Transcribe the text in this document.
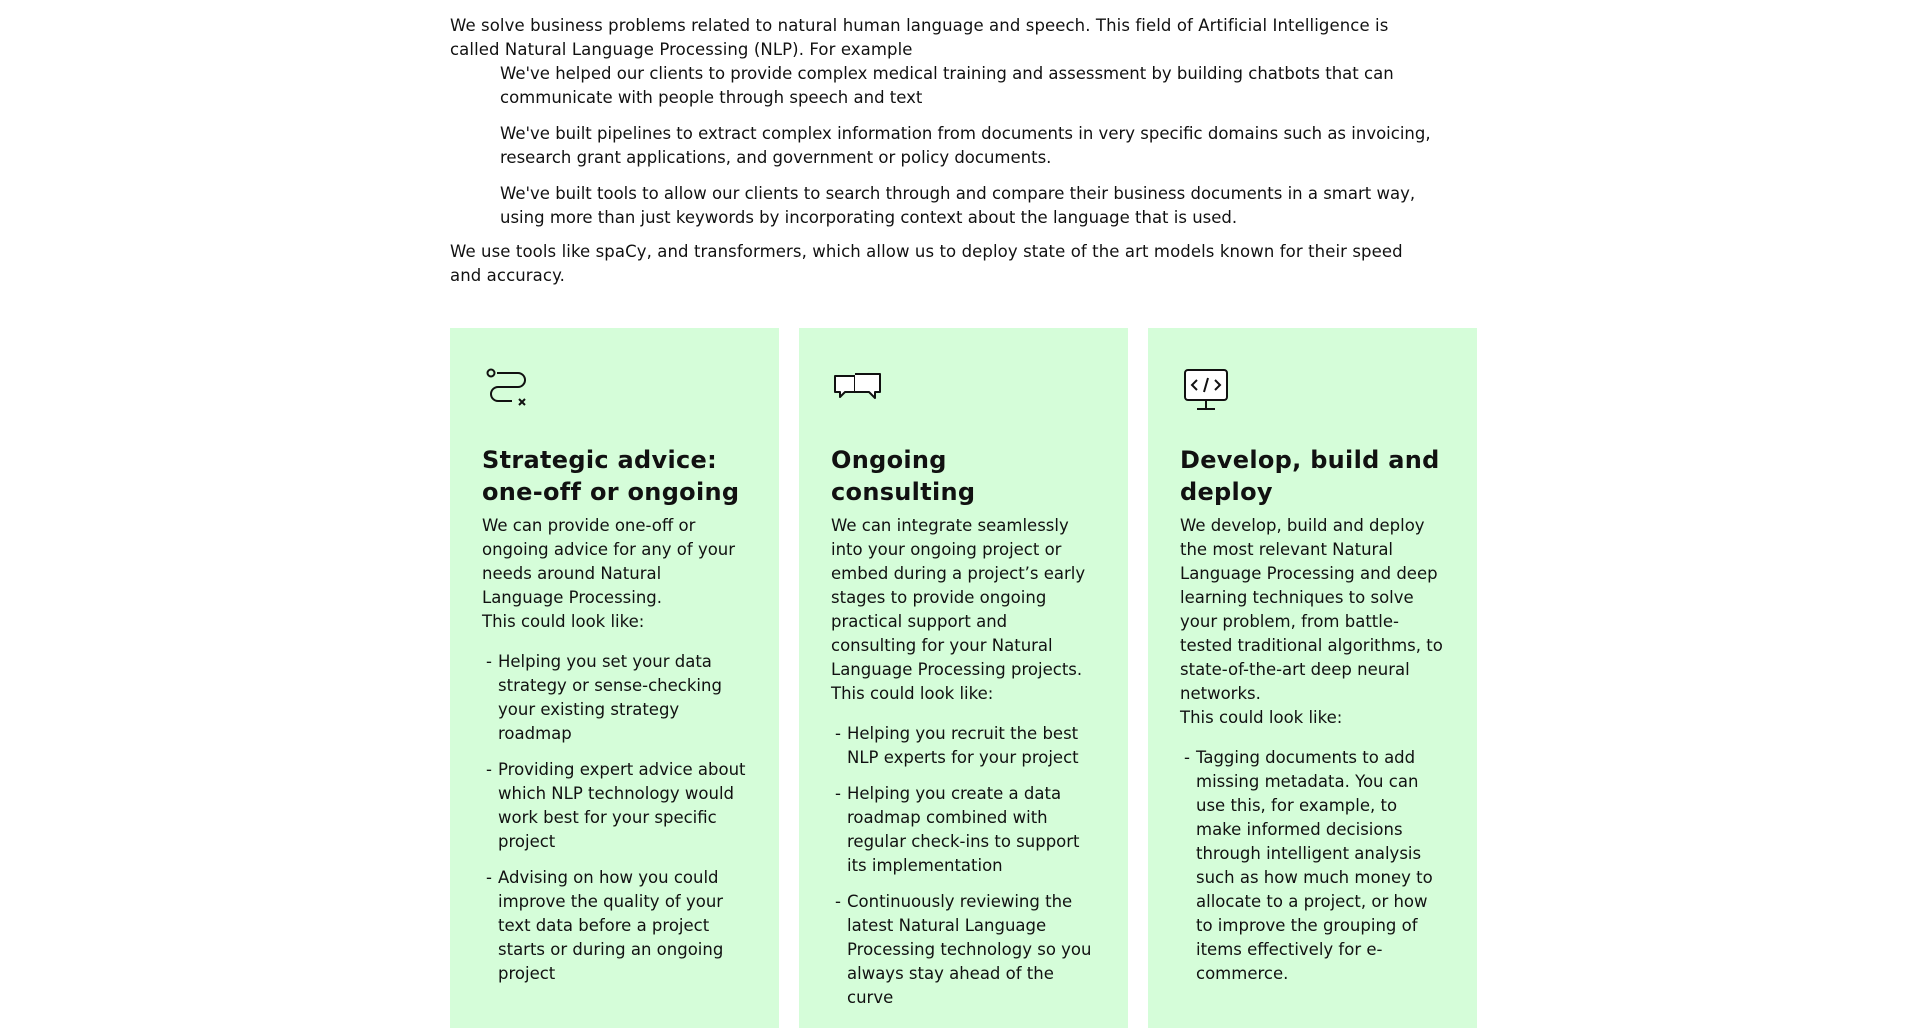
We solve business problems related to natural human language and speech. This field of Artificial Intelligence is called Natural Language Processing (NLP). For example

We've helped our clients to provide complex medical training and assessment by building chatbots that can communicate with people through speech and text
We've built pipelines to extract complex information from documents in very specific domains such as invoicing, research grant applications, and government or policy documents.
We've built tools to allow our clients to search through and compare their business documents in a smart way, using more than just keywords by incorporating context about the language that is used.

We use tools like spaCy, and transformers, which allow us to deploy state of the art models known for their speed and accuracy.

Strategic advice: one-off or ongoing

We can provide one-off or ongoing advice for any of your needs around Natural Language Processing.

This could look like:

- Helping you set your data strategy or sense-checking your existing strategy roadmap
- Providing expert advice about which NLP technology would work best for your specific project
- Advising on how you could improve the quality of your text data before a project starts or during an ongoing project
Ongoing consulting

We can integrate seamlessly into your ongoing project or embed during a project’s early stages to provide ongoing practical support and consulting for your Natural Language Processing projects.

This could look like:

- Helping you recruit the best NLP experts for your project
- Helping you create a data roadmap combined with regular check-ins to support its implementation
- Continuously reviewing the latest Natural Language Processing technology so you always stay ahead of the curve
Develop, build and deploy

We develop, build and deploy the most relevant Natural Language Processing and deep learning techniques to solve your problem, from battle-tested traditional algorithms, to state-of-the-art deep neural networks.

This could look like:

- Tagging documents to add missing metadata. You can use this, for example, to make informed decisions through intelligent analysis such as how much money to allocate to a project, or how to improve the grouping of items effectively for e-commerce.
